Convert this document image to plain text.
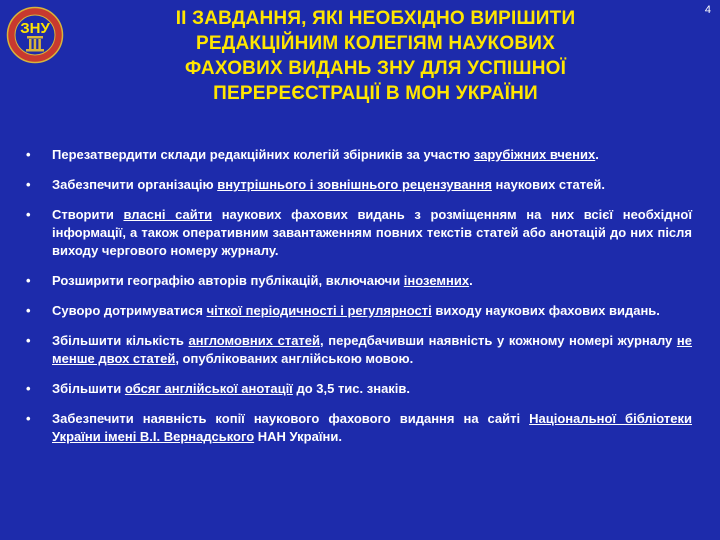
ЗНУ
4
ІІ ЗАВДАННЯ, ЯКІ НЕОБХІДНО ВИРІШИТИ
РЕДАКЦІЙНИМ КОЛЕГІЯМ НАУКОВИХ
ФАХОВИХ ВИДАНЬ ЗНУ ДЛЯ УСПІШНОЇ
ПЕРЕРЕЄСТРАЦІЇ В МОН УКРАЇНИ
• Перезатвердити склади редакційних колегій збірників за участю зарубіжних вчених.
• Забезпечити організацію внутрішнього і зовнішнього рецензування наукових статей.
• Створити власні сайти наукових фахових видань з розміщенням на них всієї необхідної інформації, а також оперативним завантаженням повних текстів статей або анотацій до них після виходу чергового номеру журналу.
• Розширити географію авторів публікацій, включаючи іноземних.
• Суворо дотримуватися чіткої періодичності і регулярності виходу наукових фахових видань.
• Збільшити кількість англомовних статей, передбачивши наявність у кожному номері журналу не менше двох статей, опублікованих англійською мовою.
• Збільшити обсяг англійської анотації до 3,5 тис. знаків.
• Забезпечити наявність копії наукового фахового видання на сайті Національної бібліотеки України імені В.І. Вернадського НАН України.
